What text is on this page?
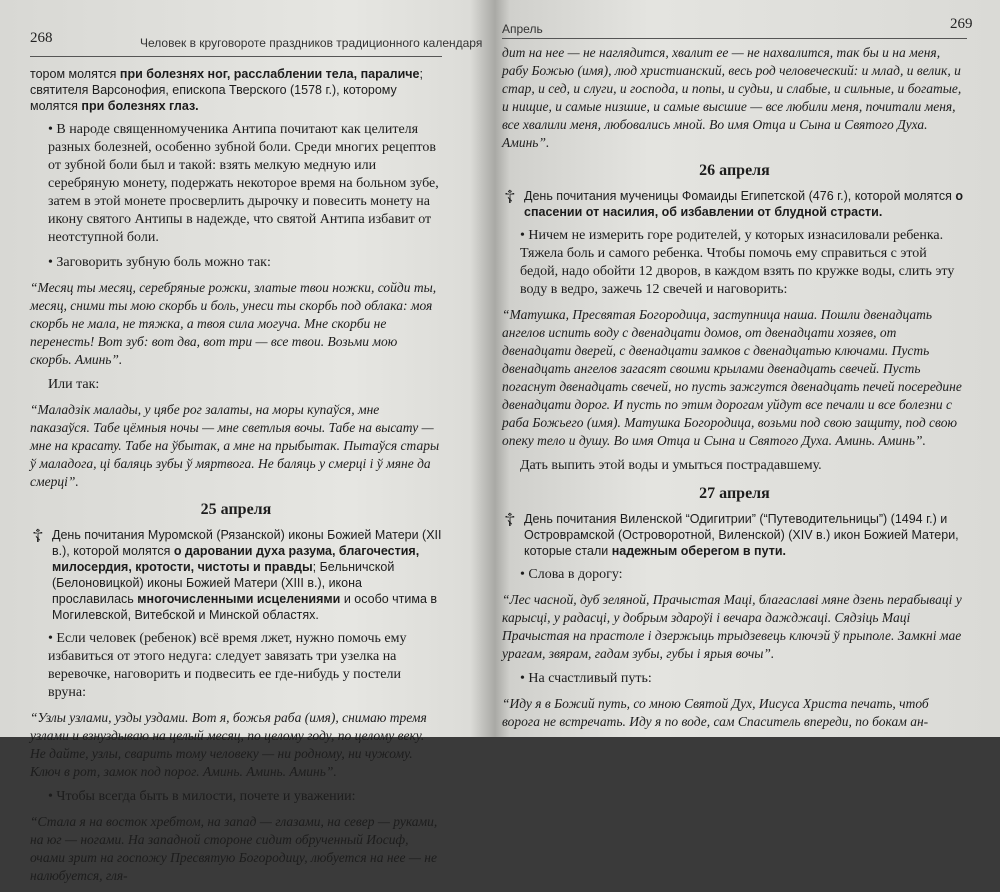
268	Человек в круговороте праздников традиционного календаря

тором молятся при болезнях ног, расслаблении тела, параличе; святителя Варсонофия, епископа Тверского (1578 г.), которому молятся при болезнях глаз.

• В народе священномученика Антипа почитают как целителя разных болезней, особенно зубной боли. Среди многих рецептов от зубной боли был и такой: взять мелкую медную или серебряную монету, подержать некоторое время на больном зубе, затем в этой монете просверлить дырочку и повесить монету на икону святого Антипы в надежде, что святой Антипа избавит от неотступной боли.

• Заговорить зубную боль можно так:

“Месяц ты месяц, серебряные рожки, златые твои ножки, сойди ты, месяц, сними ты мою скорбь и боль, унеси ты скорбь под облака: моя скорбь не мала, не тяжка, а твоя сила могуча. Мне скорби не перенесть! Вот зуб: вот два, вот три — все твои. Возьми мою скорбь. Аминь”.

Или так:

“Маладзік малады, у цябе рог залаты, на моры купаўся, мне паказаўся. Табе цёмныя ночы — мне светлыя вочы. Табе на высату — мне на красату. Табе на ўбытак, а мне на прыбытак. Пытаўся стары ў маладога, ці баляць зубы ў мяртвога. Не баляць у смерці і ў мяне да смерці”.

25 апреля
☦ День почитания Муромской (Рязанской) иконы Божией Матери (XII в.), которой молятся о даровании духа разума, благочестия, милосердия, кротости, чистоты и правды; Бельничской (Белоновицкой) иконы Божией Матери (XIII в.), икона прославилась многочисленными исцелениями и особо чтима в Могилевской, Витебской и Минской областях.

• Если человек (ребенок) всё время лжет, нужно помочь ему избавиться от этого недуга: следует завязать три узелка на веревочке, наговорить и подвесить ее где-нибудь у постели вруна:

“Узлы узлами, узды уздами. Вот я, божья раба (имя), снимаю тремя узлами и взнуздываю на целый месяц, по целому году, по целому веку. Не дайте, узлы, сварить тому человеку — ни родному, ни чужому. Ключ в рот, замок под порог. Аминь. Аминь. Аминь”.

• Чтобы всегда быть в милости, почете и уважении:

“Стала я на восток хребтом, на запад — глазами, на север — руками, на юг — ногами. На западной стороне сидит обрученный Иосиф, очами зрит на госпожу Пресвятую Богородицу, любуется на нее — не налюбуется, гля-

Апрель	269

дит на нее — не наглядится, хвалит ее — не нахвалится, так бы и на меня, рабу Божью (имя), люд христианский, весь род человеческий: и млад, и велик, и стар, и сед, и слуги, и господа, и попы, и судьи, и слабые, и сильные, и богатые, и нищие, и самые низшие, и самые высшие — все любили меня, почитали меня, все хвалили меня, любовались мной. Во имя Отца и Сына и Святого Духа. Аминь”.

26 апреля
☦ День почитания мученицы Фомаиды Египетской (476 г.), которой молятся о спасении от насилия, об избавлении от блудной страсти.

• Ничем не измерить горе родителей, у которых изнасиловали ребенка. Тяжела боль и самого ребенка. Чтобы помочь ему справиться с этой бедой, надо обойти 12 дворов, в каждом взять по кружке воды, слить эту воду в ведро, зажечь 12 свечей и наговорить:

“Матушка, Пресвятая Богородица, заступница наша. Пошли двенадцать ангелов испить воду с двенадцати домов, от двенадцати хозяев, от двенадцати дверей, с двенадцати замков с двенадцатью ключами. Пусть двенадцать ангелов загасят своими крылами двенадцать свечей. Пусть погаснут двенадцать свечей, но пусть зажгутся двенадцать печей посередине двенадцати дорог. И пусть по этим дорогам уйдут все печали и все болезни с раба Божьего (имя). Матушка Богородица, возьми под свою защиту, под свою опеку тело и душу. Во имя Отца и Сына и Святого Духа. Аминь. Аминь”.

Дать выпить этой воды и умыться пострадавшему.

27 апреля
☦ День почитания Виленской “Одигитрии” (“Путеводительницы”) (1494 г.) и Островрамской (Островоротной, Виленской) (XIV в.) икон Божией Матери, которые стали надежным оберегом в пути.

• Слова в дорогу:

“Лес часной, дуб зеляной, Прачыстая Маці, благаславі мяне дзень перабываці у карысці, у радасці, у добрым здароўі і вечара дажджаці. Сядзіць Маці Прачыстая на прастоле і дзержыць трыдзевець ключэй ў прыполе. Замкні мае урагам, звярам, гадам зубы, губы і ярыя вочы”.

• На счастливый путь:

“Иду я в Божий путь, со мною Святой Дух, Иисуса Христа печать, чтоб ворога не встречать. Иду я по воде, сам Спаситель впереди, по бокам ан-
